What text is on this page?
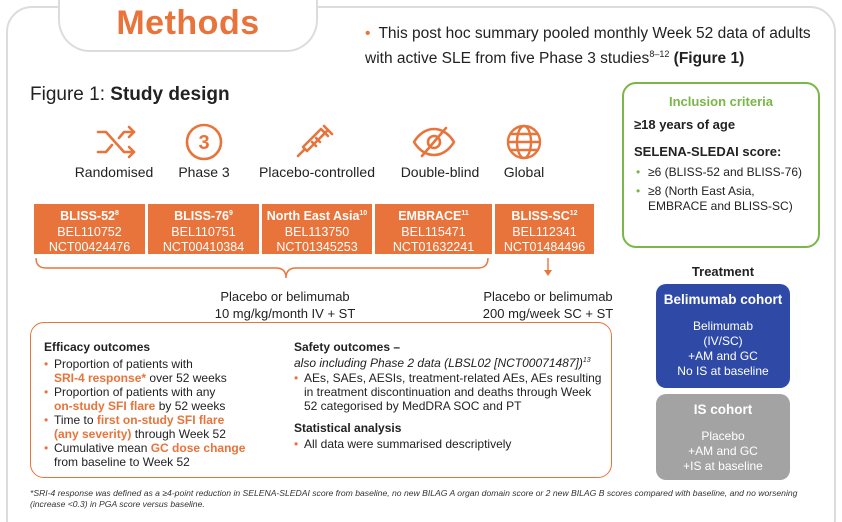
Methods	• This post hoc summary pooled monthly Week 52 data of adults with active SLE from five Phase 3 studies$^{8-12}$ (Figure 1)
Figure 1: Study design
3
Randomised	Phase 3	Placebo-controlled	Double-blind	Global
BLISS-$52^8$
BEL110752
NCT00424476
BLISS-$76^9$
BEL110751
NCT00410384
North East Asia$^{10}$
BEL113750
NCT01345253
EMBRACE$^{11}$
BEL115471
NCT01632241
BLISS-SC$^{12}$
BEL112341
NCT01484496
Placebo or belimumab
10 mg/kg/month IV + ST
Placebo or belimumab
200 mg/week SC + ST
Efficacy outcomes
• Proportion of patients with
SRI-4 response* over 52 weeks
• Proportion of patients with any
on-study SFI flare by 52 weeks
• Time to first on-study SFI flare
(any severity) through Week 52
• Cumulative mean GC dose change
from baseline to Week 52
Safety outcomes –
also including Phase 2 data (LBSL02 [NCT00071487])$^{13}$
• AEs, SAEs, AESIs, treatment-related AEs, AEs resulting in treatment discontinuation and deaths through Week 52 categorised by MedDRA SOC and PT
Statistical analysis
• All data were summarised descriptively
Inclusion criteria
≥18 years of age
SELENA-SLEDAI score:
• ≥6 (BLISS-52 and BLISS-76)
• ≥8 (North East Asia, EMBRACE and BLISS-SC)
Treatment
Belimumab cohort
Belimumab
(IV/SC)
+AM and GC
No IS at baseline
IS cohort
Placebo
+AM and GC
+IS at baseline
*SRI-4 response was defined as a ≥4-point reduction in SELENA-SLEDAI score from baseline, no new BILAG A organ domain score or 2 new BILAG B scores compared with baseline, and no worsening (increase <0.3) in PGA score versus baseline.
